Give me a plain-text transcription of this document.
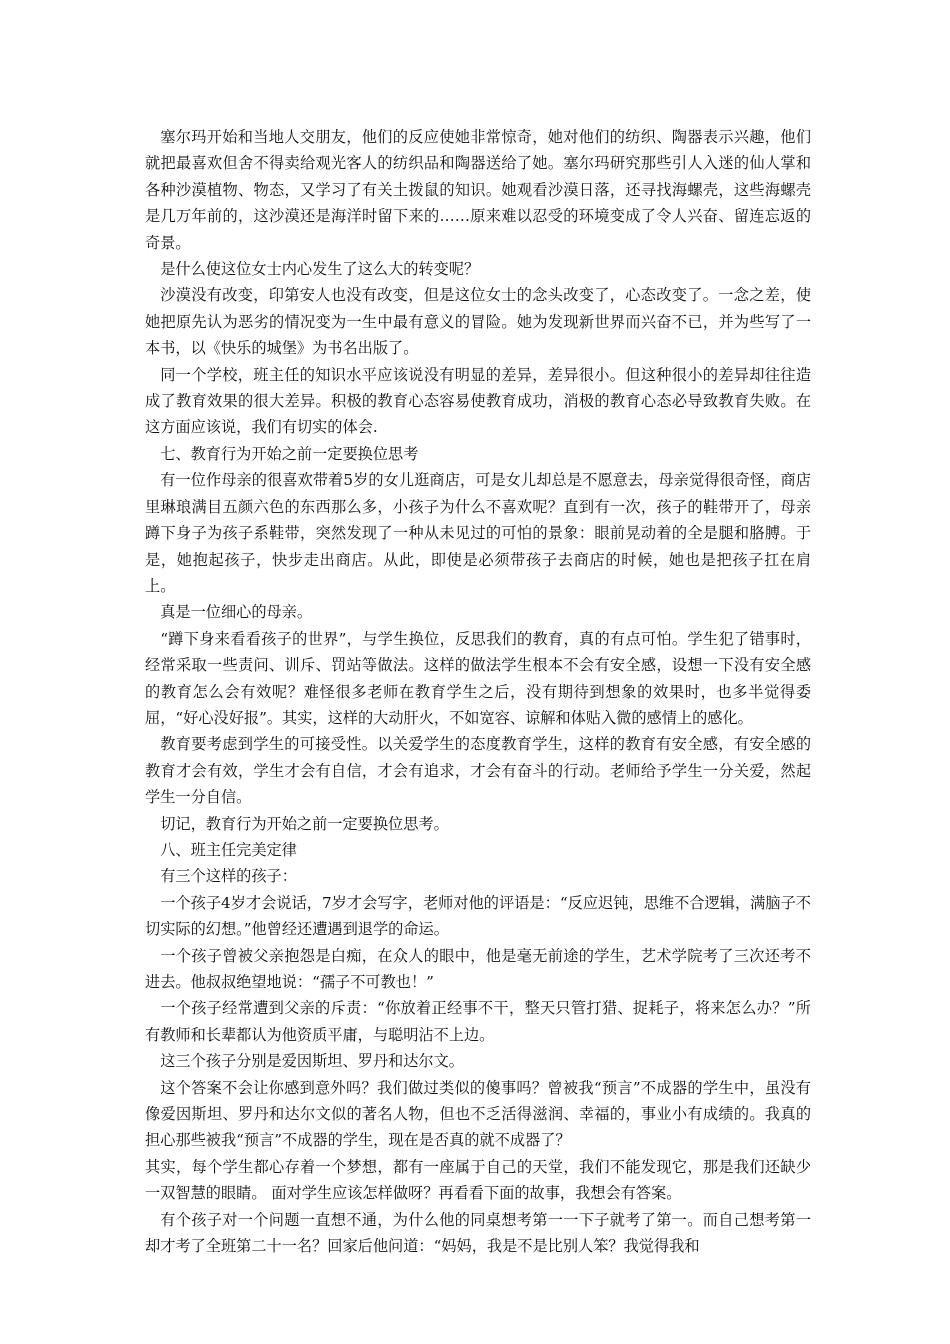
塞尔玛开始和当地人交朋友，他们的反应使她非常惊奇，她对他们的纺织、陶器表示兴趣，他们就把最喜欢但舍不得卖给观光客人的纺织品和陶器送给了她。塞尔玛研究那些引人入迷的仙人掌和各种沙漠植物、物态，又学习了有关土拨鼠的知识。她观看沙漠日落，还寻找海螺壳，这些海螺壳是几万年前的，这沙漠还是海洋时留下来的……原来难以忍受的环境变成了令人兴奋、留连忘返的奇景。

是什么使这位女士内心发生了这么大的转变呢？

沙漠没有改变，印第安人也没有改变，但是这位女士的念头改变了，心态改变了。一念之差，使她把原先认为恶劣的情况变为一生中最有意义的冒险。她为发现新世界而兴奋不已，并为些写了一本书，以《快乐的城堡》为书名出版了。

同一个学校，班主任的知识水平应该说没有明显的差异，差异很小。但这种很小的差异却往往造成了教育效果的很大差异。积极的教育心态容易使教育成功，消极的教育心态必导致教育失败。在这方面应该说，我们有切实的体会.

七、教育行为开始之前一定要换位思考

有一位作母亲的很喜欢带着5岁的女儿逛商店，可是女儿却总是不愿意去，母亲觉得很奇怪，商店里琳琅满目五颜六色的东西那么多，小孩子为什么不喜欢呢？直到有一次，孩子的鞋带开了，母亲蹲下身子为孩子系鞋带，突然发现了一种从未见过的可怕的景象：眼前晃动着的全是腿和胳膊。于是，她抱起孩子，快步走出商店。从此，即使是必须带孩子去商店的时候，她也是把孩子扛在肩上。

真是一位细心的母亲。

“蹲下身来看看孩子的世界”，与学生换位，反思我们的教育，真的有点可怕。学生犯了错事时，经常采取一些责问、训斥、罚站等做法。这样的做法学生根本不会有安全感，设想一下没有安全感的教育怎么会有效呢？难怪很多老师在教育学生之后，没有期待到想象的效果时，也多半觉得委屈，“好心没好报”。其实，这样的大动肝火，不如宽容、谅解和体贴入微的感情上的感化。

教育要考虑到学生的可接受性。以关爱学生的态度教育学生，这样的教育有安全感，有安全感的教育才会有效，学生才会有自信，才会有追求，才会有奋斗的行动。老师给予学生一分关爱，然起学生一分自信。

切记，教育行为开始之前一定要换位思考。

八、班主任完美定律

有三个这样的孩子：

一个孩子4岁才会说话，7岁才会写字，老师对他的评语是：“反应迟钝，思维不合逻辑，满脑子不切实际的幻想。”他曾经还遭遇到退学的命运。

一个孩子曾被父亲抱怨是白痴，在众人的眼中，他是毫无前途的学生，艺术学院考了三次还考不进去。他叔叔绝望地说：“孺子不可教也！”

一个孩子经常遭到父亲的斥责：“你放着正经事不干，整天只管打猎、捉耗子，将来怎么办？”所有教师和长辈都认为他资质平庸，与聪明沾不上边。

这三个孩子分别是爱因斯坦、罗丹和达尔文。

这个答案不会让你感到意外吗？我们做过类似的傻事吗？曾被我“预言”不成器的学生中，虽没有像爱因斯坦、罗丹和达尔文似的著名人物，但也不乏活得滋润、幸福的，事业小有成绩的。我真的担心那些被我“预言”不成器的学生，现在是否真的就不成器了？

其实，每个学生都心存着一个梦想，都有一座属于自己的天堂，我们不能发现它，那是我们还缺少一双智慧的眼睛。 面对学生应该怎样做呀？再看看下面的故事，我想会有答案。

有个孩子对一个问题一直想不通，为什么他的同桌想考第一一下子就考了第一。而自己想考第一却才考了全班第二十一名？回家后他问道：“妈妈，我是不是比别人笨？我觉得我和
